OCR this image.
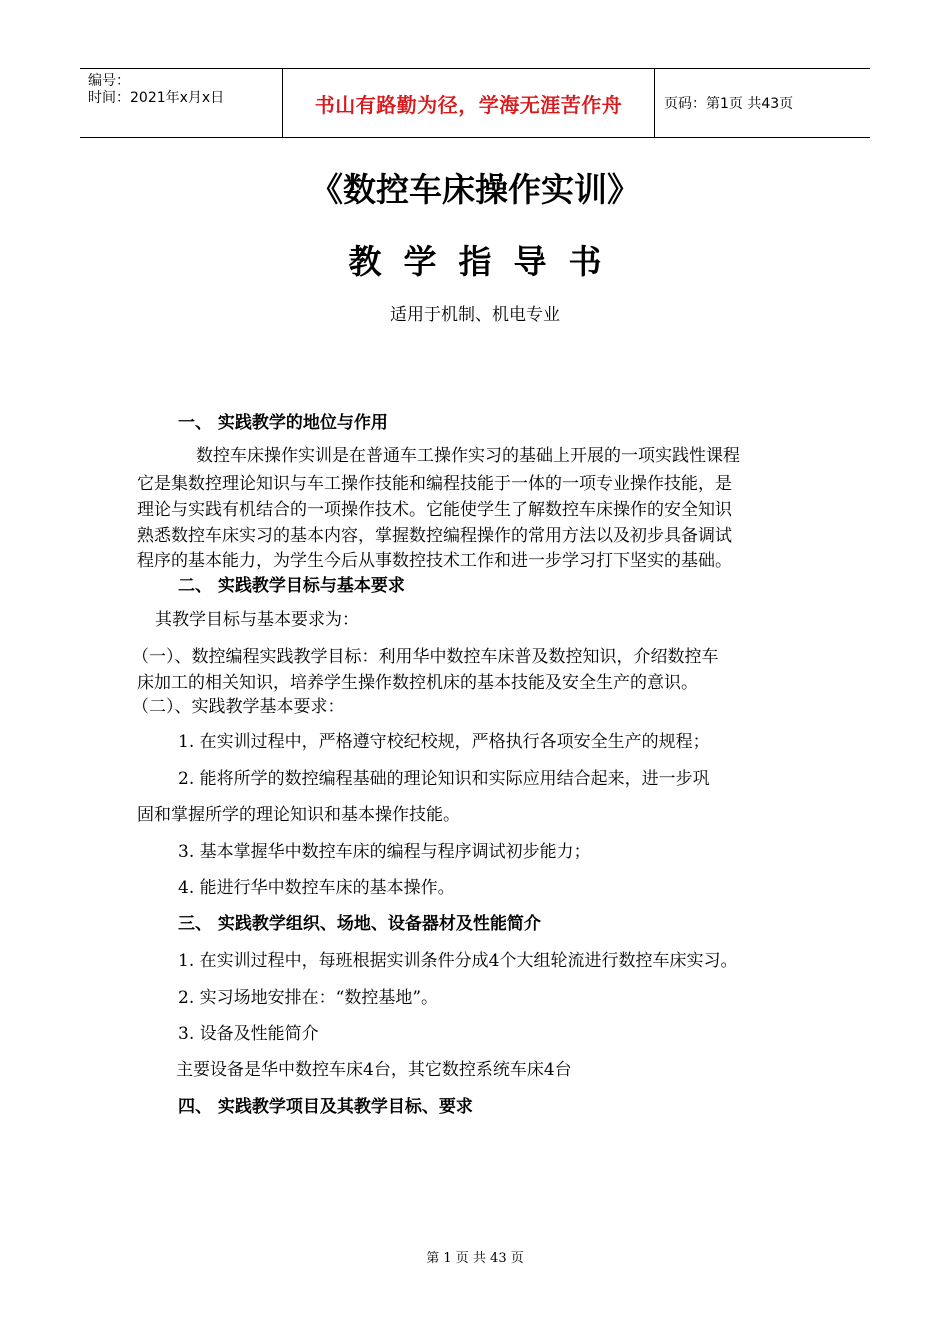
编号：
时间：2021年x月x日	书山有路勤为径，学海无涯苦作舟	页码：第1页 共43页
《数控车床操作实训》
教学指导书
适用于机制、机电专业
一、 实践教学的地位与作用
数控车床操作实训是在普通车工操作实习的基础上开展的一项实践性课程
它是集数控理论知识与车工操作技能和编程技能于一体的一项专业操作技能，是
理论与实践有机结合的一项操作技术。它能使学生了解数控车床操作的安全知识
熟悉数控车床实习的基本内容，掌握数控编程操作的常用方法以及初步具备调试
程序的基本能力，为学生今后从事数控技术工作和进一步学习打下坚实的基础。
二、 实践教学目标与基本要求
其教学目标与基本要求为：
（一）、数控编程实践教学目标：利用华中数控车床普及数控知识，介绍数控车
床加工的相关知识，培养学生操作数控机床的基本技能及安全生产的意识。
（二）、实践教学基本要求：
1. 在实训过程中，严格遵守校纪校规，严格执行各项安全生产的规程；
2. 能将所学的数控编程基础的理论知识和实际应用结合起来，进一步巩
固和掌握所学的理论知识和基本操作技能。
3. 基本掌握华中数控车床的编程与程序调试初步能力；
4. 能进行华中数控车床的基本操作。
三、 实践教学组织、场地、设备器材及性能简介
1. 在实训过程中，每班根据实训条件分成4个大组轮流进行数控车床实习。
2. 实习场地安排在：“数控基地”。
3. 设备及性能简介
主要设备是华中数控车床4台，其它数控系统车床4台
四、 实践教学项目及其教学目标、要求
第 1 页 共 43 页
